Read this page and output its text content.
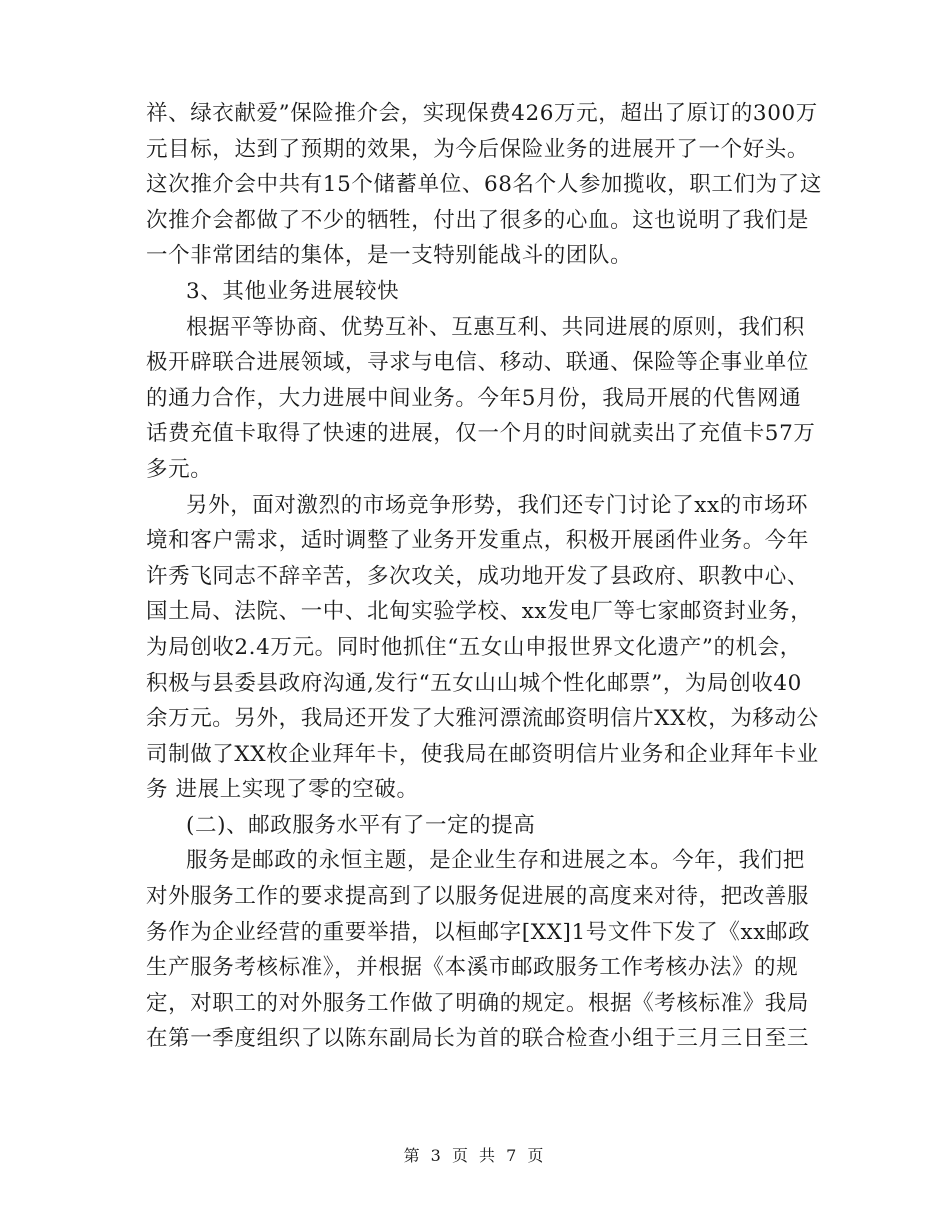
祥、绿衣献爱”保险推介会，实现保费426万元，超出了原订的300万
元目标，达到了预期的效果，为今后保险业务的进展开了一个好头。
这次推介会中共有15个储蓄单位、68名个人参加揽收，职工们为了这
次推介会都做了不少的牺牲，付出了很多的心血。这也说明了我们是
一个非常团结的集体，是一支特别能战斗的团队。
3、其他业务进展较快
根据平等协商、优势互补、互惠互利、共同进展的原则，我们积
极开辟联合进展领域，寻求与电信、移动、联通、保险等企事业单位
的通力合作，大力进展中间业务。今年5月份，我局开展的代售网通
话费充值卡取得了快速的进展，仅一个月的时间就卖出了充值卡57万
多元。
另外，面对激烈的市场竞争形势，我们还专门讨论了xx的市场环
境和客户需求，适时调整了业务开发重点，积极开展函件业务。今年
许秀飞同志不辞辛苦，多次攻关，成功地开发了县政府、职教中心、
国土局、法院、一中、北甸实验学校、xx发电厂等七家邮资封业务，
为局创收2.4万元。同时他抓住“五女山申报世界文化遗产”的机会，
积极与县委县政府沟通,发行“五女山山城个性化邮票”，为局创收40
余万元。另外，我局还开发了大雅河漂流邮资明信片XX枚，为移动公
司制做了XX枚企业拜年卡，使我局在邮资明信片业务和企业拜年卡业
务 进展上实现了零的空破。
(二)、邮政服务水平有了一定的提高
服务是邮政的永恒主题，是企业生存和进展之本。今年，我们把
对外服务工作的要求提高到了以服务促进展的高度来对待，把改善服
务作为企业经营的重要举措，以桓邮字[XX]1号文件下发了《xx邮政
生产服务考核标准》，并根据《本溪市邮政服务工作考核办法》的规
定，对职工的对外服务工作做了明确的规定。根据《考核标准》我局
在第一季度组织了以陈东副局长为首的联合检查小组于三月三日至三
第 3 页 共 7 页
